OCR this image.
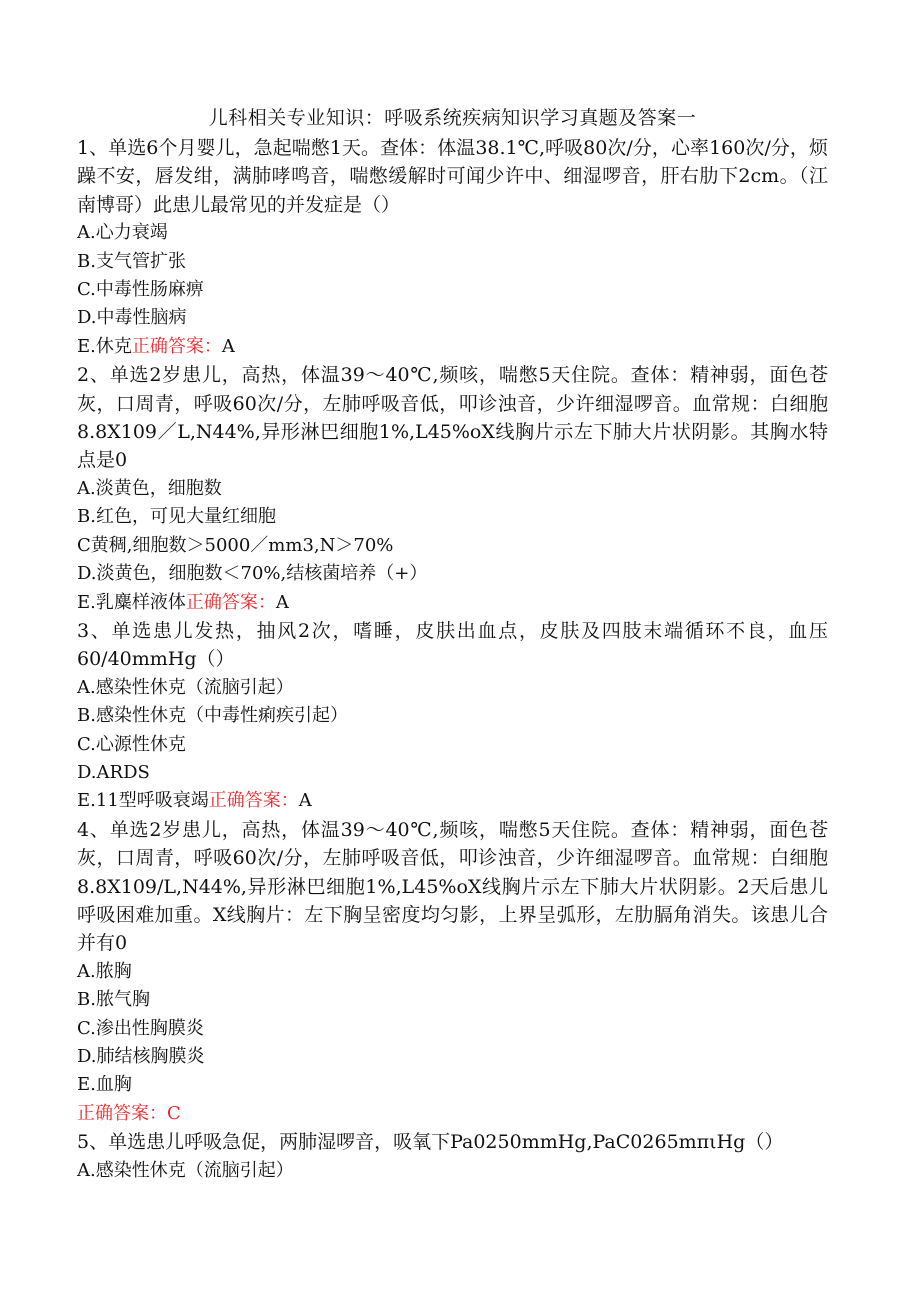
儿科相关专业知识：呼吸系统疾病知识学习真题及答案一

1、单选6个月婴儿，急起喘憋1天。查体：体温38.1℃,呼吸80次/分，心率160次/分，烦躁不安，唇发绀，满肺哮鸣音，喘憋缓解时可闻少许中、细湿啰音，肝右肋下2cm。（江南博哥）此患儿最常见的并发症是（）

A.心力衰竭

B.支气管扩张

C.中毒性肠麻痹

D.中毒性脑病

E.休克正确答案：A

2、单选2岁患儿，高热，体温39～40℃,频咳，喘憋5天住院。查体：精神弱，面色苍灰，口周青，呼吸60次/分，左肺呼吸音低，叩诊浊音，少许细湿啰音。血常规：白细胞8.8X109／L,N44%,异形淋巴细胞1%,L45%oX线胸片示左下肺大片状阴影。其胸水特点是0

A.淡黄色，细胞数

B.红色，可见大量红细胞

C黄稠,细胞数＞5000／mm3,N＞70%

D.淡黄色，细胞数＜70%,结核菌培养（+）

E.乳麋样液体正确答案：A

3、单选患儿发热，抽风2次，嗜睡，皮肤出血点，皮肤及四肢末端循环不良，血压60/40mmHg（）

A.感染性休克（流脑引起）

B.感染性休克（中毒性痢疾引起）

C.心源性休克

D.ARDS

E.11型呼吸衰竭正确答案：A

4、单选2岁患儿，高热，体温39～40℃,频咳，喘憋5天住院。查体：精神弱，面色苍灰，口周青，呼吸60次/分，左肺呼吸音低，叩诊浊音，少许细湿啰音。血常规：白细胞8.8X109/L,N44%,异形淋巴细胞1%,L45%oX线胸片示左下肺大片状阴影。2天后患儿呼吸困难加重。X线胸片：左下胸呈密度均匀影，上界呈弧形，左肋膈角消失。该患儿合并有0

A.脓胸

B.脓气胸

C.渗出性胸膜炎

D.肺结核胸膜炎

E.血胸

正确答案：C

5、单选患儿呼吸急促，两肺湿啰音，吸氧下Pa0250mmHg,PaC0265mπιHg（）

A.感染性休克（流脑引起）
